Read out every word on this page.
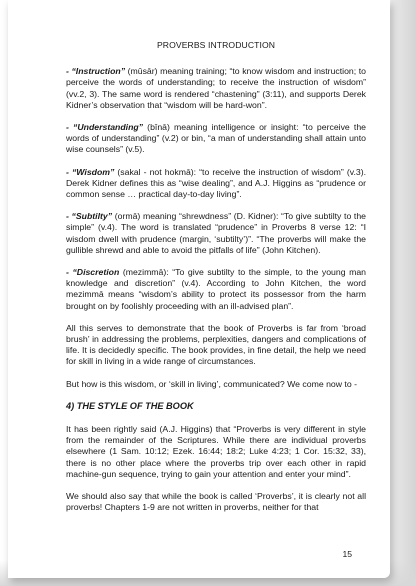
PROVERBS INTRODUCTION

- “Instruction” (mûsār) meaning training; “to know wisdom and instruction; to perceive the words of understanding; to receive the instruction of wisdom” (vv.2, 3). The same word is rendered “chastening” (3:11), and supports Derek Kidner’s observation that “wisdom will be hard-won”.

- “Understanding” (bînā) meaning intelligence or insight: “to perceive the words of understanding” (v.2) or bin, “a man of understanding shall attain unto wise counsels” (v.5).

- “Wisdom” (sakal - not hokmā): “to receive the instruction of wisdom” (v.3). Derek Kidner defines this as “wise dealing”, and A.J. Higgins as “prudence or common sense … practical day-to-day living”.

- “Subtilty” (ormā) meaning “shrewdness” (D. Kidner): “To give subtilty to the simple” (v.4). The word is translated “prudence” in Proverbs 8 verse 12: “I wisdom dwell with prudence (margin, ‘subtilty’)”. “The proverbs will make the gullible shrewd and able to avoid the pitfalls of life” (John Kitchen).

- “Discretion (mezimmā): “To give subtilty to the simple, to the young man knowledge and discretion” (v.4). According to John Kitchen, the word mezimmā means “wisdom’s ability to protect its possessor from the harm brought on by foolishly proceeding with an ill-advised plan”.

All this serves to demonstrate that the book of Proverbs is far from ‘broad brush’ in addressing the problems, perplexities, dangers and complications of life. It is decidedly specific. The book provides, in fine detail, the help we need for skill in living in a wide range of circumstances.

But how is this wisdom, or ‘skill in living’, communicated? We come now to -

4) THE STYLE OF THE BOOK

It has been rightly said (A.J. Higgins) that “Proverbs is very different in style from the remainder of the Scriptures. While there are individual proverbs elsewhere (1 Sam. 10:12; Ezek. 16:44; 18:2; Luke 4:23; 1 Cor. 15:32, 33), there is no other place where the proverbs trip over each other in rapid machine-gun sequence, trying to gain your attention and enter your mind”.

We should also say that while the book is called ‘Proverbs’, it is clearly not all proverbs! Chapters 1-9 are not written in proverbs, neither for that

15
